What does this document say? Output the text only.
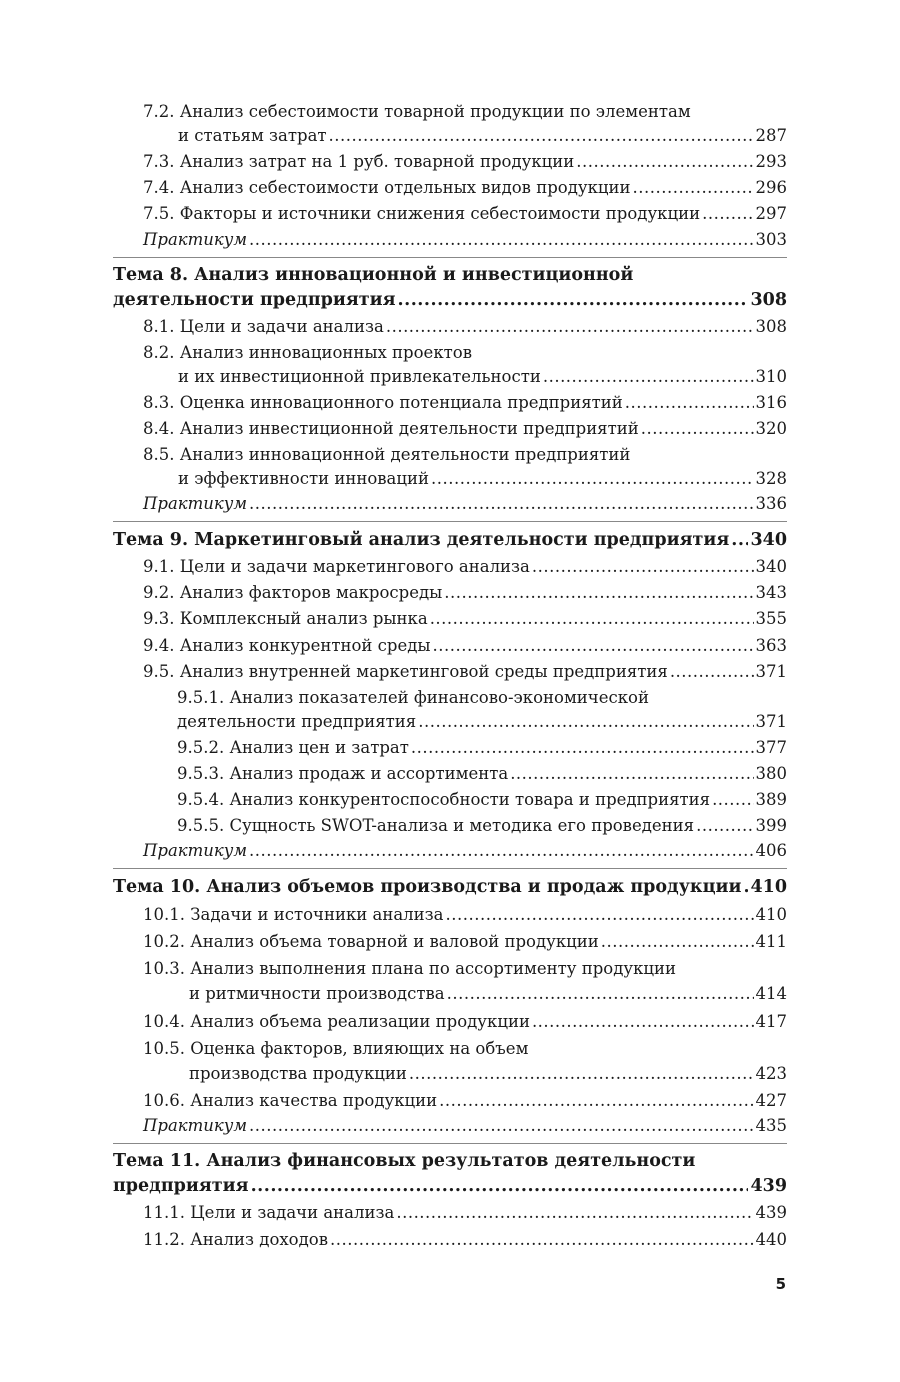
7.2. Анализ себестоимости товарной продукции по элементам
и статьям затрат .....	287
7.3. Анализ затрат на 1 руб. товарной продукции .....	293
7.4. Анализ себестоимости отдельных видов продукции .....	296
7.5. Факторы и источники снижения себестоимости продукции .....	297
Практикум .....	303
Тема 8. Анализ инновационной и инвестиционной
деятельности предприятия .....	308
8.1. Цели и задачи анализа .....	308
8.2. Анализ инновационных проектов
и их инвестиционной привлекательности .....	310
8.3. Оценка инновационного потенциала предприятий .....	316
8.4. Анализ инвестиционной деятельности предприятий .....	320
8.5. Анализ инновационной деятельности предприятий
и эффективности инноваций .....	328
Практикум .....	336
Тема 9. Маркетинговый анализ деятельности предприятия ..... 340
9.1. Цели и задачи маркетингового анализа .....	340
9.2. Анализ факторов макросреды .....	343
9.3. Комплексный анализ рынка .....	355
9.4. Анализ конкурентной среды .....	363
9.5. Анализ внутренней маркетинговой среды предприятия .....	371
9.5.1. Анализ показателей финансово-экономической
деятельности предприятия .....	371
9.5.2. Анализ цен и затрат .....	377
9.5.3. Анализ продаж и ассортимента .....	380
9.5.4. Анализ конкурентоспособности товара и предприятия .....	389
9.5.5. Сущность SWOT-анализа и методика его проведения .....	399
Практикум .....	406
Тема 10. Анализ объемов производства и продаж продукции ..... 410
10.1. Задачи и источники анализа .....	410
10.2. Анализ объема товарной и валовой продукции .....	411
10.3. Анализ выполнения плана по ассортименту продукции
и ритмичности производства .....	414
10.4. Анализ объема реализации продукции .....	417
10.5. Оценка факторов, влияющих на объем
производства продукции .....	423
10.6. Анализ качества продукции .....	427
Практикум .....	435
Тема 11. Анализ финансовых результатов деятельности
предприятия .....	439
11.1. Цели и задачи анализа .....	439
11.2. Анализ доходов .....	440
5
